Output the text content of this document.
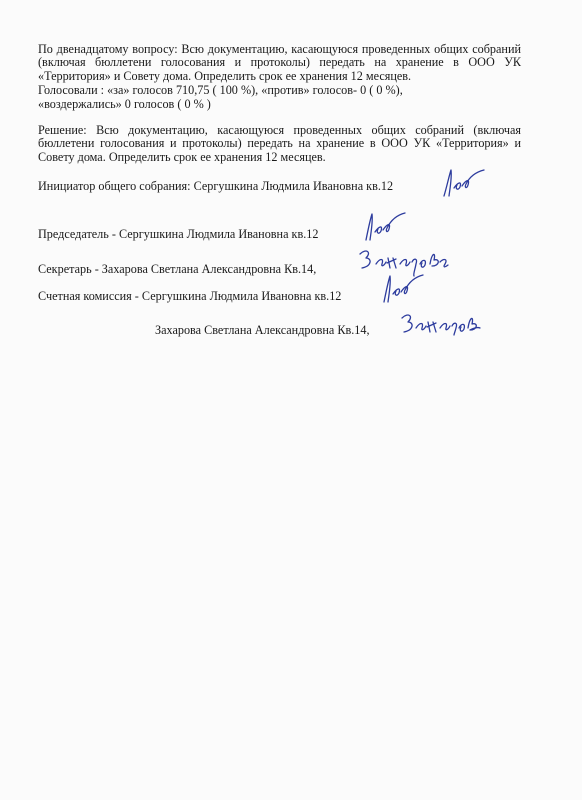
По двенадцатому вопросу: Всю документацию, касающуюся проведенных общих собраний (включая бюллетени голосования и протоколы) передать на хранение в ООО УК «Территория» и Совету дома. Определить срок ее хранения 12 месяцев.

Голосовали : «за» голосов 710,75 ( 100 %), «против» голосов- 0 ( 0 %),
«воздержались» 0 голосов ( 0 % )

Решение: Всю документацию, касающуюся проведенных общих собраний (включая бюллетени голосования и протоколы) передать на хранение в ООО УК «Территория» и Совету дома. Определить срок ее хранения 12 месяцев.

Инициатор общего собрания: Сергушкина Людмила Ивановна кв.12
Председатель - Сергушкина Людмила Ивановна кв.12
Секретарь - Захарова Светлана Александровна Кв.14,
Счетная комиссия - Сергушкина Людмила Ивановна кв.12
Захарова Светлана Александровна Кв.14,
